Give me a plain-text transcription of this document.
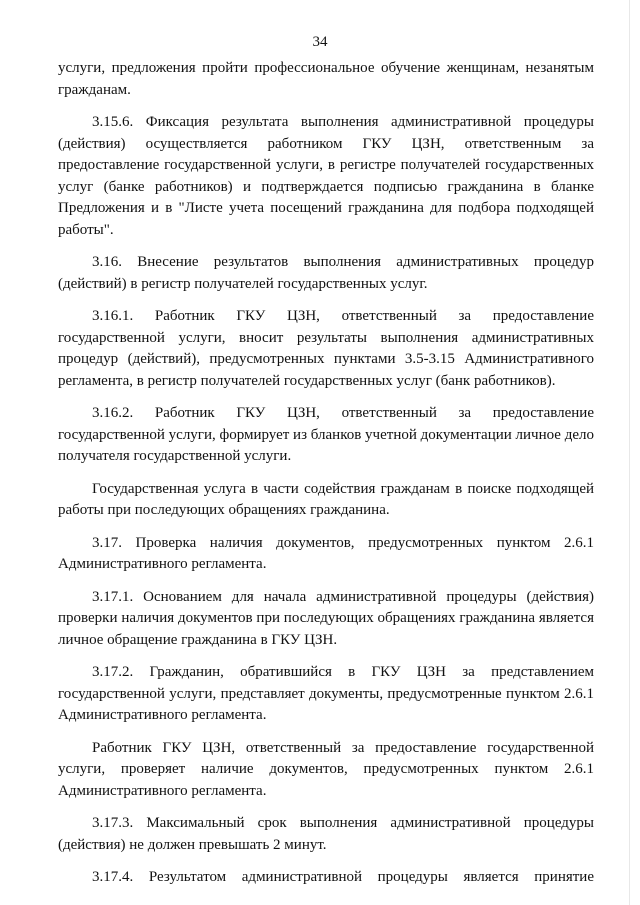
34

услуги, предложения пройти профессиональное обучение женщинам, незанятым гражданам.

3.15.6. Фиксация результата выполнения административной процедуры (действия) осуществляется работником ГКУ ЦЗН, ответственным за предоставление государственной услуги, в регистре получателей государственных услуг (банке работников) и подтверждается подписью гражданина в бланке Предложения и в "Листе учета посещений гражданина для подбора подходящей работы".

3.16. Внесение результатов выполнения административных процедур (действий) в регистр получателей государственных услуг.

3.16.1. Работник ГКУ ЦЗН, ответственный за предоставление государственной услуги, вносит результаты выполнения административных процедур (действий), предусмотренных пунктами 3.5-3.15 Административного регламента, в регистр получателей государственных услуг (банк работников).

3.16.2. Работник ГКУ ЦЗН, ответственный за предоставление государственной услуги, формирует из бланков учетной документации личное дело получателя государственной услуги.

Государственная услуга в части содействия гражданам в поиске подходящей работы при последующих обращениях гражданина.

3.17. Проверка наличия документов, предусмотренных пунктом 2.6.1 Административного регламента.

3.17.1. Основанием для начала административной процедуры (действия) проверки наличия документов при последующих обращениях гражданина является личное обращение гражданина в ГКУ ЦЗН.

3.17.2. Гражданин, обратившийся в ГКУ ЦЗН за представлением государственной услуги, представляет документы, предусмотренные пунктом 2.6.1 Административного регламента.

Работник ГКУ ЦЗН, ответственный за предоставление государственной услуги, проверяет наличие документов, предусмотренных пунктом 2.6.1 Административного регламента.

3.17.3. Максимальный срок выполнения административной процедуры (действия) не должен превышать 2 минут.

3.17.4. Результатом административной процедуры является принятие
